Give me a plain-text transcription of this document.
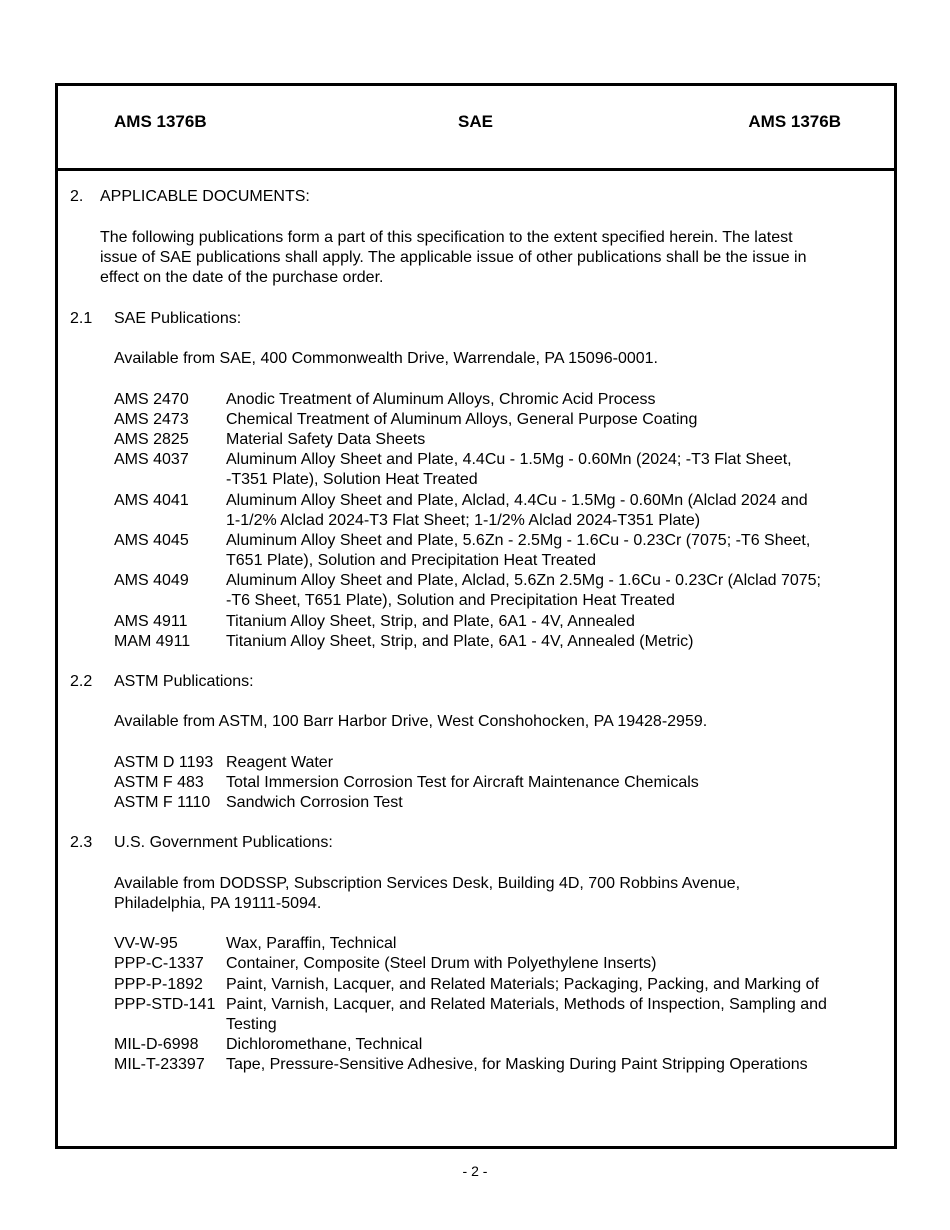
AMS 1376B	SAE	AMS 1376B
2. APPLICABLE DOCUMENTS:
The following publications form a part of this specification to the extent specified herein. The latest
issue of SAE publications shall apply. The applicable issue of other publications shall be the issue in
effect on the date of the purchase order.
2.1 SAE Publications:
Available from SAE, 400 Commonwealth Drive, Warrendale, PA 15096-0001.
AMS 2470 Anodic Treatment of Aluminum Alloys, Chromic Acid Process
AMS 2473 Chemical Treatment of Aluminum Alloys, General Purpose Coating
AMS 2825 Material Safety Data Sheets
AMS 4037 Aluminum Alloy Sheet and Plate, 4.4Cu - 1.5Mg - 0.60Mn (2024; -T3 Flat Sheet,
-T351 Plate), Solution Heat Treated
AMS 4041 Aluminum Alloy Sheet and Plate, Alclad, 4.4Cu - 1.5Mg - 0.60Mn (Alclad 2024 and
1-1/2% Alclad 2024-T3 Flat Sheet; 1-1/2% Alclad 2024-T351 Plate)
AMS 4045 Aluminum Alloy Sheet and Plate, 5.6Zn - 2.5Mg - 1.6Cu - 0.23Cr (7075; -T6 Sheet,
T651 Plate), Solution and Precipitation Heat Treated
AMS 4049 Aluminum Alloy Sheet and Plate, Alclad, 5.6Zn 2.5Mg - 1.6Cu - 0.23Cr (Alclad 7075;
-T6 Sheet, T651 Plate), Solution and Precipitation Heat Treated
AMS 4911 Titanium Alloy Sheet, Strip, and Plate, 6A1 - 4V, Annealed
MAM 4911 Titanium Alloy Sheet, Strip, and Plate, 6A1 - 4V, Annealed (Metric)
2.2 ASTM Publications:
Available from ASTM, 100 Barr Harbor Drive, West Conshohocken, PA 19428-2959.
ASTM D 1193 Reagent Water
ASTM F 483 Total Immersion Corrosion Test for Aircraft Maintenance Chemicals
ASTM F 1110 Sandwich Corrosion Test
2.3 U.S. Government Publications:
Available from DODSSP, Subscription Services Desk, Building 4D, 700 Robbins Avenue,
Philadelphia, PA 19111-5094.
VV-W-95	Wax, Paraffin, Technical
PPP-C-1337 Container, Composite (Steel Drum with Polyethylene Inserts)
PPP-P-1892 Paint, Varnish, Lacquer, and Related Materials; Packaging, Packing, and Marking of
PPP-STD-141 Paint, Varnish, Lacquer, and Related Materials, Methods of Inspection, Sampling and
Testing
MIL-D-6998 Dichloromethane, Technical
MIL-T-23397 Tape, Pressure-Sensitive Adhesive, for Masking During Paint Stripping Operations
- 2 -
